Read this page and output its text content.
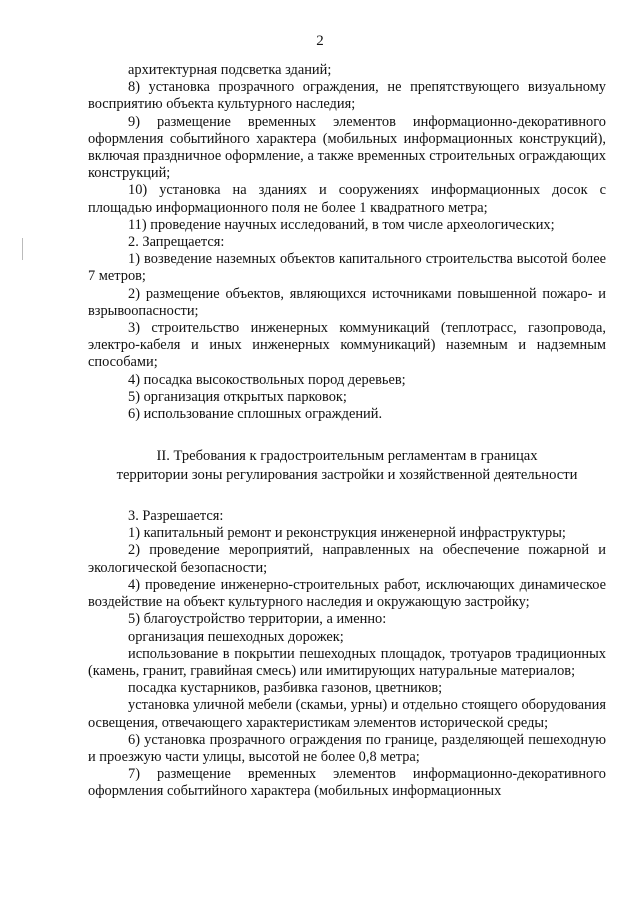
2

архитектурная подсветка зданий;

8) установка прозрачного ограждения, не препятствующего визуальному восприятию объекта культурного наследия;

9) размещение временных элементов информационно-декоративного оформления событийного характера (мобильных информационных конструкций), включая праздничное оформление, а также временных строительных ограждающих конструкций;

10) установка на зданиях и сооружениях информационных досок с площадью информационного поля не более 1 квадратного метра;

11) проведение научных исследований, в том числе археологических;

2. Запрещается:

1) возведение наземных объектов капитального строительства высотой более 7 метров;

2) размещение объектов, являющихся источниками повышенной пожаро- и взрывоопасности;

3) строительство инженерных коммуникаций (теплотрасс, газопровода, электро-кабеля и иных инженерных коммуникаций) наземным и надземным способами;

4) посадка высокоствольных пород деревьев;

5) организация открытых парковок;

6) использование сплошных ограждений.

II. Требования к градостроительным регламентам в границах
территории зоны регулирования застройки и хозяйственной деятельности

3. Разрешается:

1) капитальный ремонт и реконструкция инженерной инфраструктуры;

2) проведение мероприятий, направленных на обеспечение пожарной и экологической безопасности;

4) проведение инженерно-строительных работ, исключающих динамическое воздействие на объект культурного наследия и окружающую застройку;

5) благоустройство территории, а именно:

организация пешеходных дорожек;

использование в покрытии пешеходных площадок, тротуаров традиционных (камень, гранит, гравийная смесь) или имитирующих натуральные материалов;

посадка кустарников, разбивка газонов, цветников;

установка уличной мебели (скамьи, урны) и отдельно стоящего оборудования освещения, отвечающего характеристикам элементов исторической среды;

6) установка прозрачного ограждения по границе, разделяющей пешеходную и проезжую части улицы, высотой не более 0,8 метра;

7) размещение временных элементов информационно-декоративного оформления событийного характера (мобильных информационных
